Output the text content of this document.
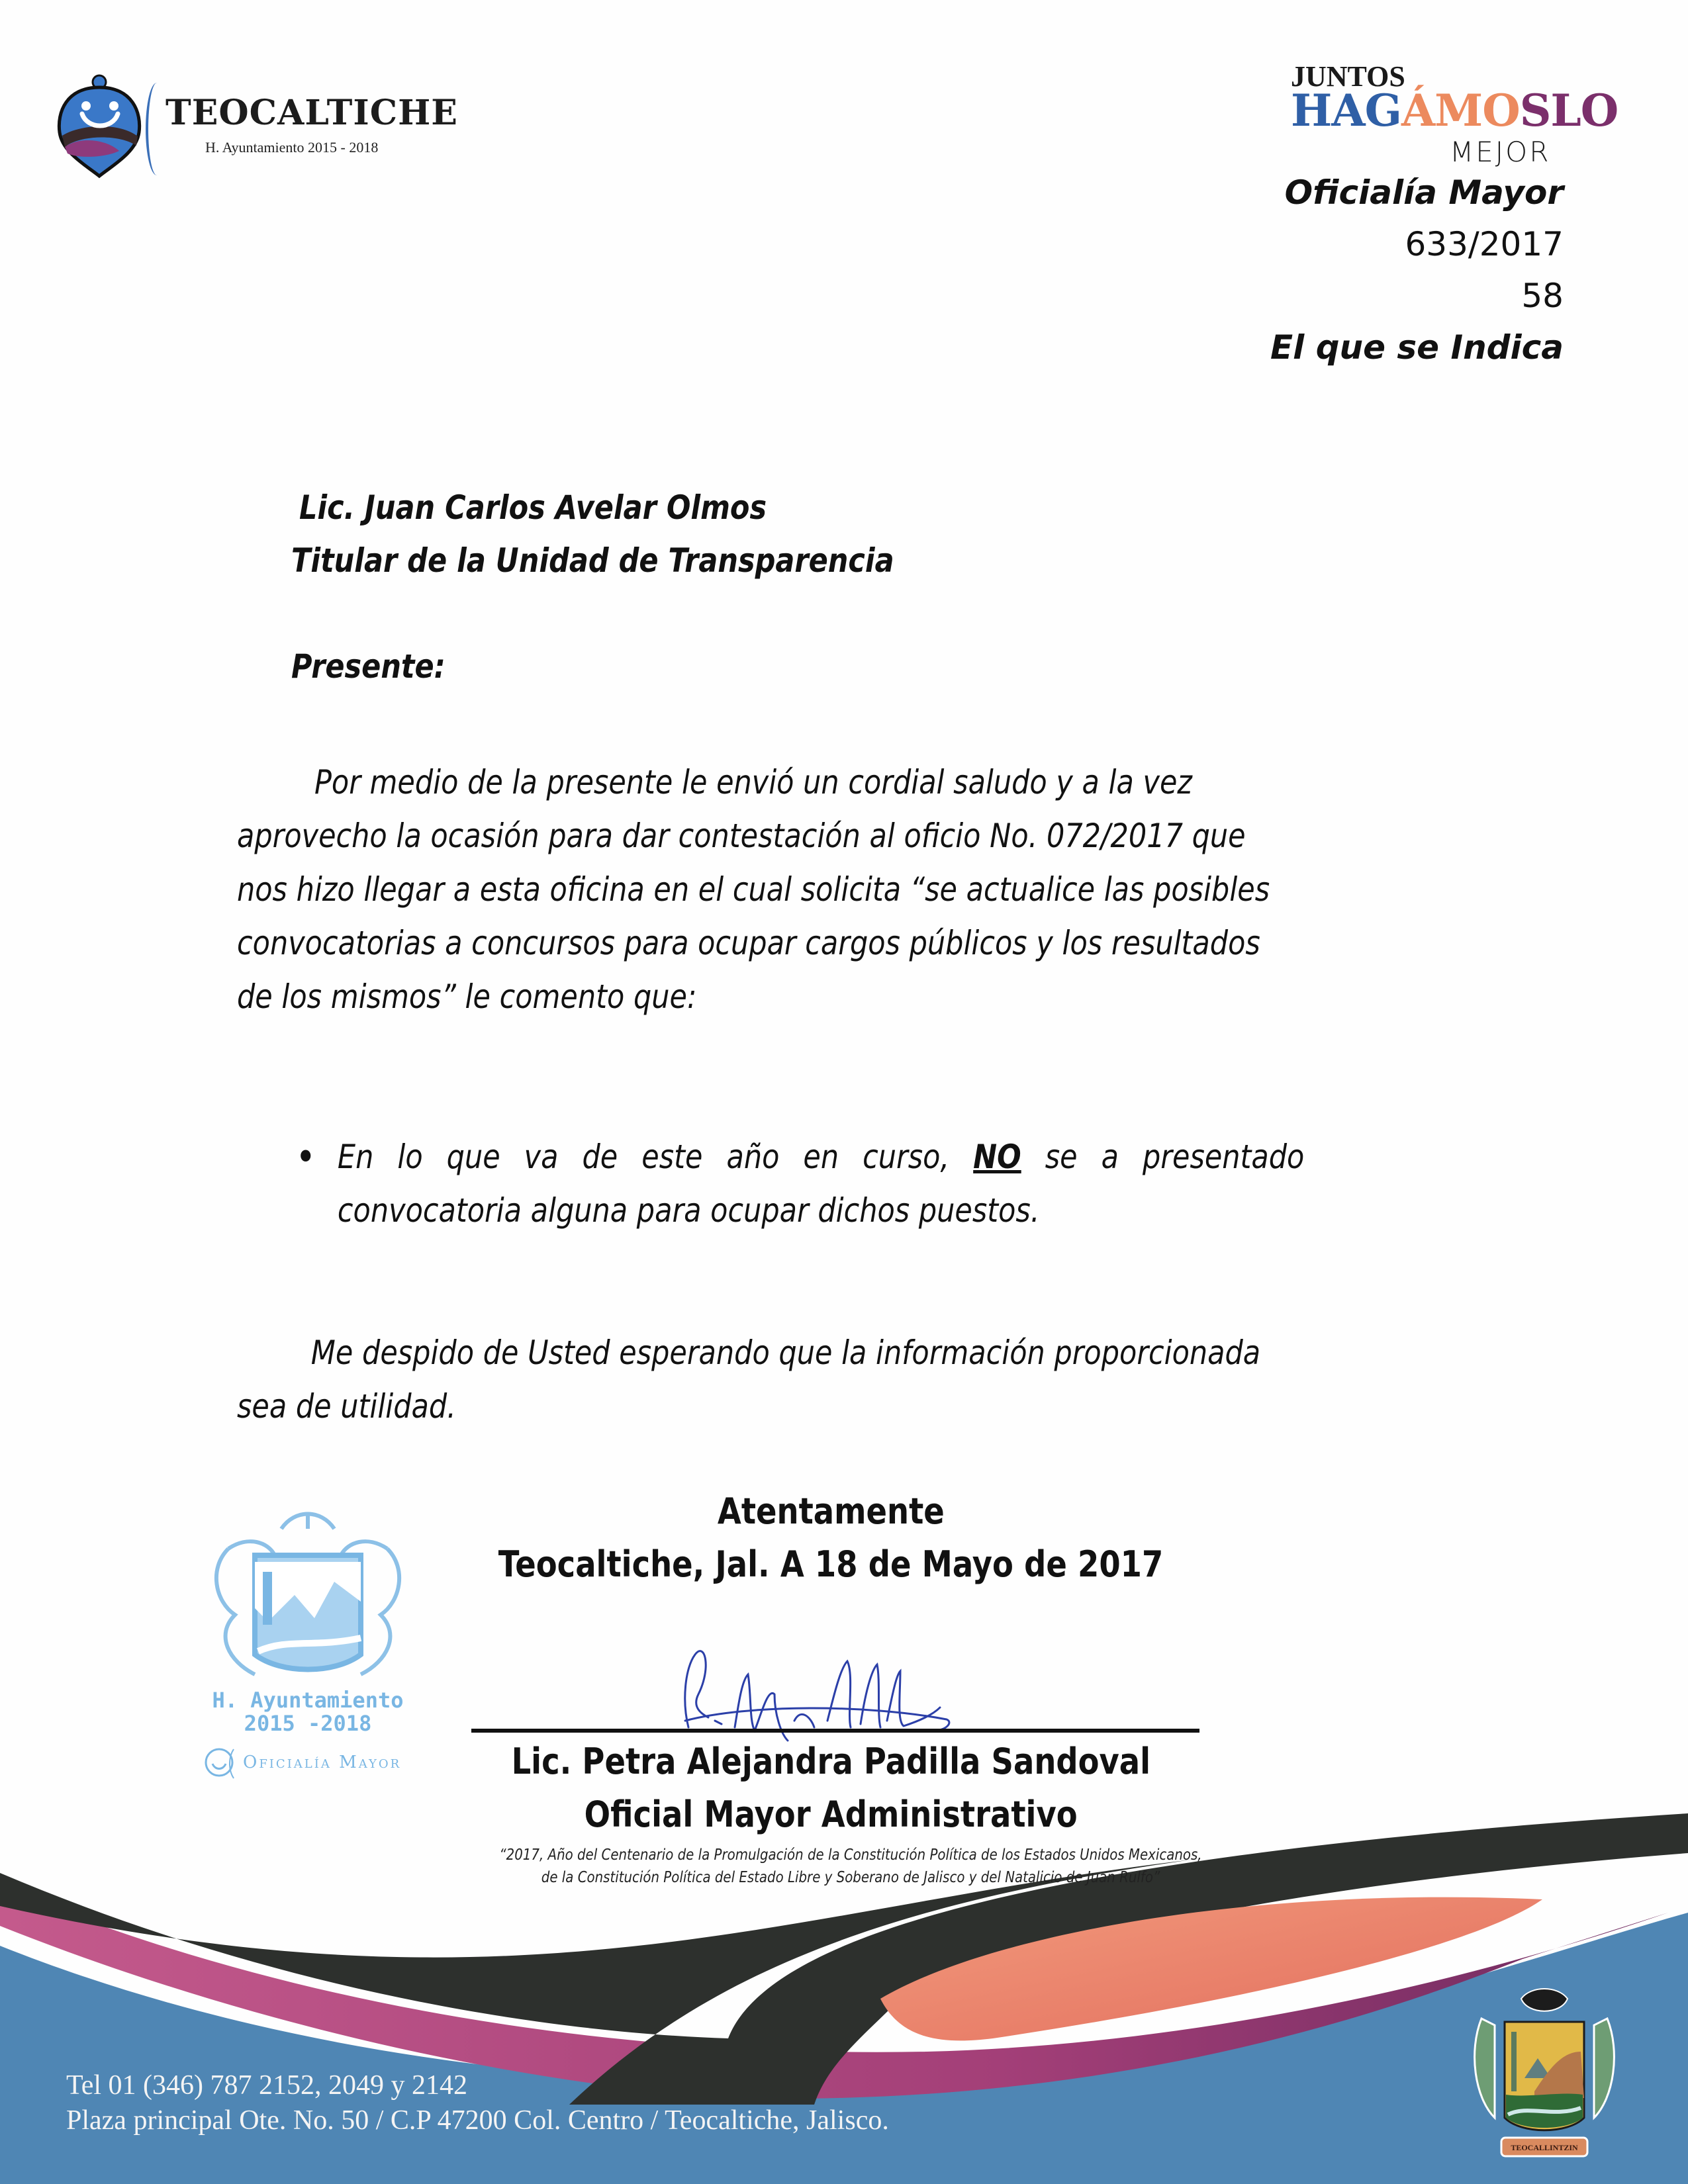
TEOCALTICHE
H. Ayuntamiento 2015 - 2018
JUNTOS
HAGÁMOSLO
MEJOR
Oficialía Mayor
633/2017
58
El que se Indica
Lic. Juan Carlos Avelar Olmos
Titular de la Unidad de Transparencia
Presente:
Por medio de la presente le envió un cordial saludo y a la vez
aprovecho la ocasión para dar contestación al oficio No. 072/2017 que
nos hizo llegar a esta oficina en el cual solicita “se actualice las posibles
convocatorias a concursos para ocupar cargos públicos y los resultados
de los mismos” le comento que:
• En lo que va de este año en curso, NO se a presentado
convocatoria alguna para ocupar dichos puestos.
Me despido de Usted esperando que la información proporcionada
sea de utilidad.
H. Ayuntamiento
2015 -2018
Oficialía Mayor
Atentamente
Teocaltiche, Jal. A 18 de Mayo de 2017
Lic. Petra Alejandra Padilla Sandoval
Oficial Mayor Administrativo
“2017, Año del Centenario de la Promulgación de la Constitución Política de los Estados Unidos Mexicanos,
de la Constitución Política del Estado Libre y Soberano de Jalisco y del Natalicio de Juan Rulfo”
Tel 01 (346) 787 2152, 2049 y 2142
Plaza principal Ote. No. 50 / C.P 47200 Col. Centro / Teocaltiche, Jalisco.
TEOCALLINTZIN
